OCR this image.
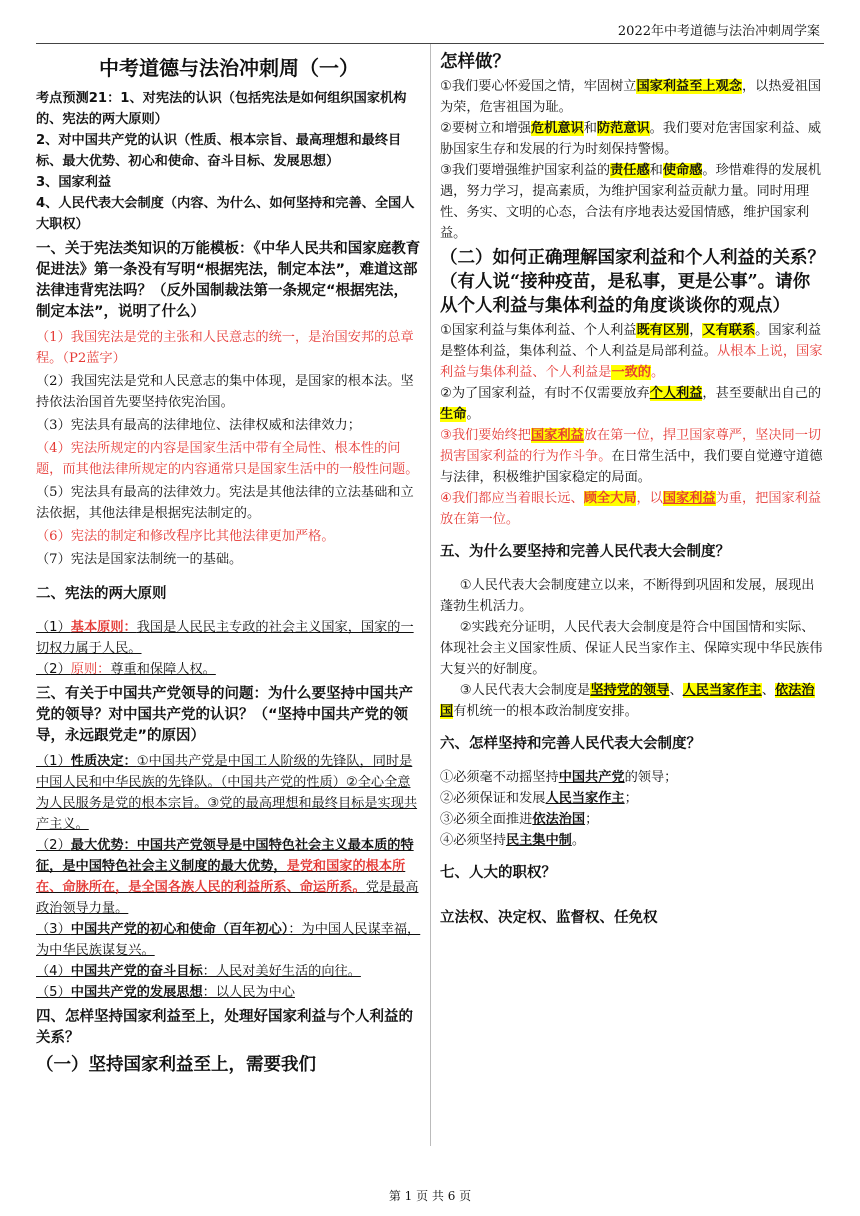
2022年中考道德与法治冲刺周学案
中考道德与法治冲刺周（一）

考点预测21：1、对宪法的认识（包括宪法是如何组织国家机构的、宪法的两大原则）

2、对中国共产党的认识（性质、根本宗旨、最高理想和最终目标、最大优势、初心和使命、奋斗目标、发展思想）

3、国家利益

4、人民代表大会制度（内容、为什么、如何坚持和完善、全国人大职权）

一、关于宪法类知识的万能模板：《中华人民共和国家庭教育促进法》第一条没有写明“根据宪法，制定本法”，难道这部法律违背宪法吗？（反外国制裁法第一条规定“根据宪法，制定本法”，说明了什么）

（1）我国宪法是党的主张和人民意志的统一，是治国安邦的总章程。（P2蓝字）

（2）我国宪法是党和人民意志的集中体现，是国家的根本法。坚持依法治国首先要坚持依宪治国。

（3）宪法具有最高的法律地位、法律权威和法律效力；

（4）宪法所规定的内容是国家生活中带有全局性、根本性的问题，而其他法律所规定的内容通常只是国家生活中的一般性问题。

（5）宪法具有最高的法律效力。宪法是其他法律的立法基础和立法依据，其他法律是根据宪法制定的。

（6）宪法的制定和修改程序比其他法律更加严格。

（7）宪法是国家法制统一的基础。

二、宪法的两大原则

（1）基本原则：我国是人民民主专政的社会主义国家，国家的一切权力属于人民。

（2）原则：尊重和保障人权。

三、有关于中国共产党领导的问题：为什么要坚持中国共产党的领导？对中国共产党的认识？（“坚持中国共产党的领导，永远跟党走”的原因）

（1）性质决定：①中国共产党是中国工人阶级的先锋队，同时是中国人民和中华民族的先锋队。（中国共产党的性质）②全心全意为人民服务是党的根本宗旨。③党的最高理想和最终目标是实现共产主义。

（2）最大优势：中国共产党领导是中国特色社会主义最本质的特征，是中国特色社会主义制度的最大优势，是党和国家的根本所在、命脉所在，是全国各族人民的利益所系、命运所系。党是最高政治领导力量。

（3）中国共产党的初心和使命（百年初心）：为中国人民谋幸福，为中华民族谋复兴。

（4）中国共产党的奋斗目标：人民对美好生活的向往。

（5）中国共产党的发展思想：以人民为中心

四、怎样坚持国家利益至上，处理好国家利益与个人利益的关系？
（一）坚持国家利益至上，需要我们
怎样做？

①我们要心怀爱国之情，牢固树立国家利益至上观念，以热爱祖国为荣，危害祖国为耻。

②要树立和增强危机意识和防范意识。我们要对危害国家利益、威胁国家生存和发展的行为时刻保持警惕。

③我们要增强维护国家利益的责任感和使命感。珍惜难得的发展机遇，努力学习，提高素质，为维护国家利益贡献力量。同时用理性、务实、文明的心态，合法有序地表达爱国情感，维护国家利益。

（二）如何正确理解国家利益和个人利益的关系？（有人说“接种疫苗，是私事，更是公事”。请你从个人利益与集体利益的角度谈谈你的观点）

①国家利益与集体利益、个人利益既有区别，又有联系。国家利益是整体利益，集体利益、个人利益是局部利益。从根本上说，国家利益与集体利益、个人利益是一致的。

②为了国家利益，有时不仅需要放弃个人利益，甚至要献出自己的生命。

③我们要始终把国家利益放在第一位，捍卫国家尊严，坚决同一切损害国家利益的行为作斗争。在日常生活中，我们要自觉遵守道德与法律，积极维护国家稳定的局面。

④我们都应当着眼长远、顾全大局，以国家利益为重，把国家利益放在第一位。

五、为什么要坚持和完善人民代表大会制度？

①人民代表大会制度建立以来，不断得到巩固和发展，展现出蓬勃生机活力。

②实践充分证明，人民代表大会制度是符合中国国情和实际、体现社会主义国家性质、保证人民当家作主、保障实现中华民族伟大复兴的好制度。

③人民代表大会制度是坚持党的领导、人民当家作主、依法治国有机统一的根本政治制度安排。

六、怎样坚持和完善人民代表大会制度？

①必须毫不动摇坚持中国共产党的领导；

②必须保证和发展人民当家作主；

③必须全面推进依法治国；

④必须坚持民主集中制。

七、人大的职权？
立法权、决定权、监督权、任免权
第 1 页 共 6 页
